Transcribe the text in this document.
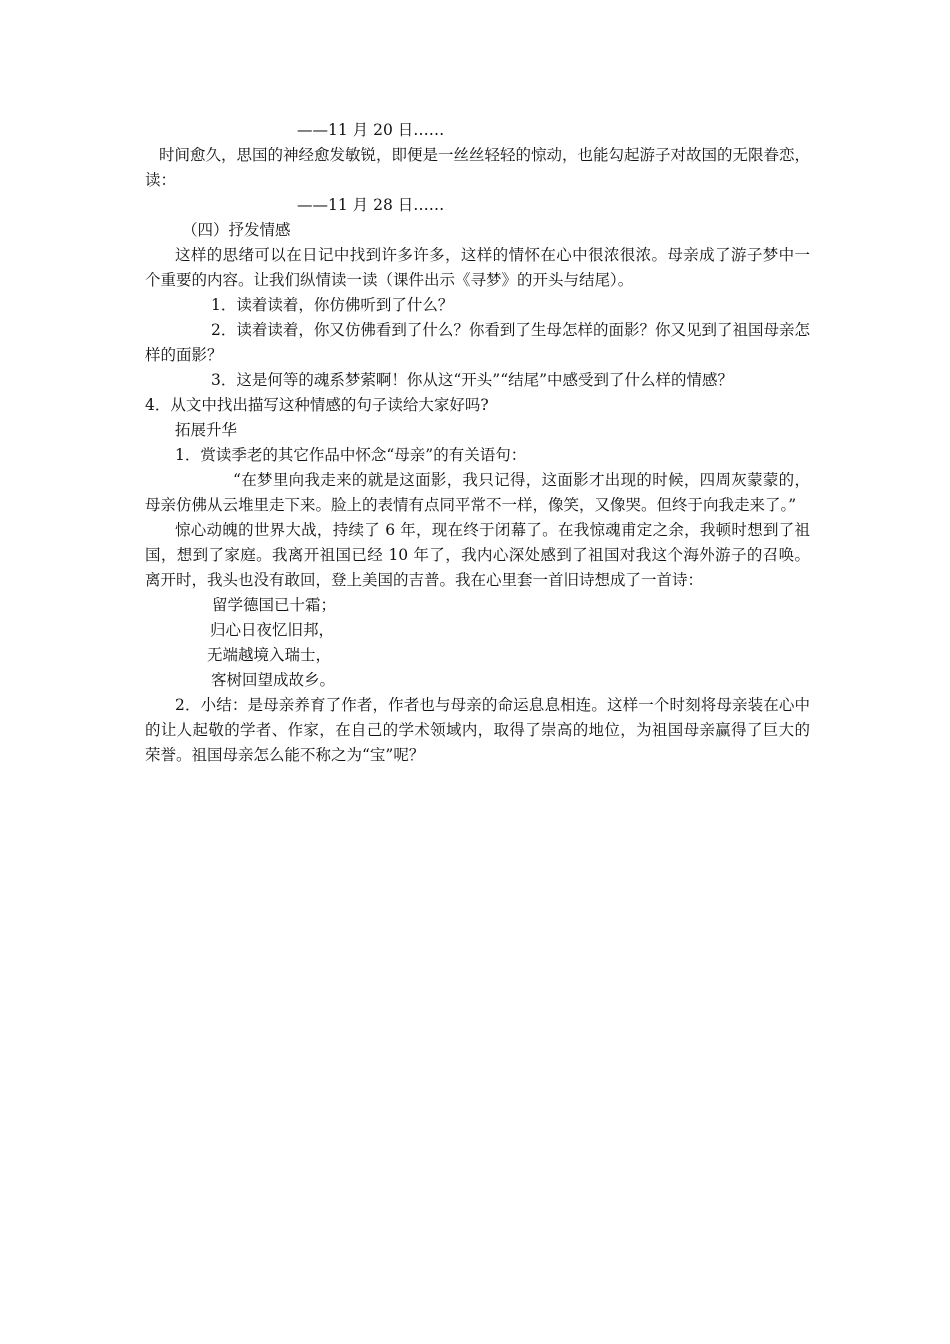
——11 月 20 日……
时间愈久，思国的神经愈发敏锐，即便是一丝丝轻轻的惊动，也能勾起游子对故国的无限眷恋，读：
——11 月 28 日……
（四）抒发情感
这样的思绪可以在日记中找到许多许多，这样的情怀在心中很浓很浓。母亲成了游子梦中一个重要的内容。让我们纵情读一读（课件出示《寻梦》的开头与结尾）。
1．读着读着，你仿佛听到了什么？
2．读着读着，你又仿佛看到了什么？你看到了生母怎样的面影？你又见到了祖国母亲怎样的面影？
3．这是何等的魂系梦萦啊！你从这“开头”“结尾”中感受到了什么样的情感？
4．从文中找出描写这种情感的句子读给大家好吗?
拓展升华
1．赏读季老的其它作品中怀念“母亲”的有关语句：
“在梦里向我走来的就是这面影，我只记得，这面影才出现的时候，四周灰蒙蒙的，母亲仿佛从云堆里走下来。脸上的表情有点同平常不一样，像笑，又像哭。但终于向我走来了。”
惊心动魄的世界大战，持续了 6 年，现在终于闭幕了。在我惊魂甫定之余，我顿时想到了祖国，想到了家庭。我离开祖国已经 10 年了，我内心深处感到了祖国对我这个海外游子的召唤。离开时，我头也没有敢回，登上美国的吉普。我在心里套一首旧诗想成了一首诗：
留学德国已十霜；
归心日夜忆旧邦，
无端越境入瑞士，
客树回望成故乡。
2．小结：是母亲养育了作者，作者也与母亲的命运息息相连。这样一个时刻将母亲装在心中的让人起敬的学者、作家，在自己的学术领域内，取得了崇高的地位，为祖国母亲赢得了巨大的荣誉。祖国母亲怎么能不称之为“宝”呢？
